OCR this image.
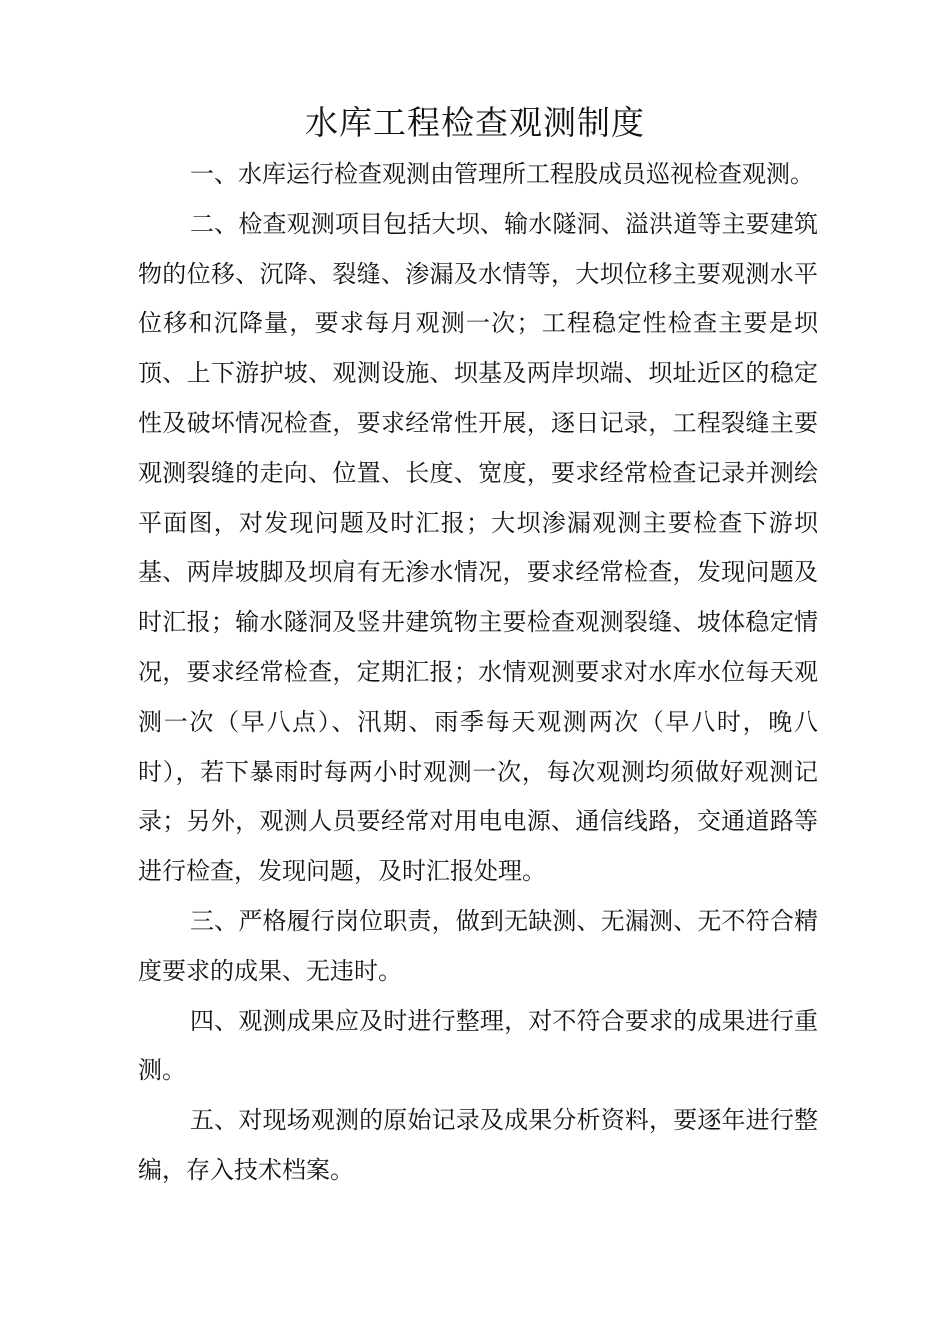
水库工程检查观测制度

一、水库运行检查观测由管理所工程股成员巡视检查观测。

二、检查观测项目包括大坝、输水隧洞、溢洪道等主要建筑物的位移、沉降、裂缝、渗漏及水情等，大坝位移主要观测水平位移和沉降量，要求每月观测一次；工程稳定性检查主要是坝顶、上下游护坡、观测设施、坝基及两岸坝端、坝址近区的稳定性及破坏情况检查，要求经常性开展，逐日记录，工程裂缝主要观测裂缝的走向、位置、长度、宽度，要求经常检查记录并测绘平面图，对发现问题及时汇报；大坝渗漏观测主要检查下游坝基、两岸坡脚及坝肩有无渗水情况，要求经常检查，发现问题及时汇报；输水隧洞及竖井建筑物主要检查观测裂缝、坡体稳定情况，要求经常检查，定期汇报；水情观测要求对水库水位每天观测一次（早八点）、汛期、雨季每天观测两次（早八时，晚八时），若下暴雨时每两小时观测一次，每次观测均须做好观测记录；另外，观测人员要经常对用电电源、通信线路，交通道路等进行检查，发现问题，及时汇报处理。

三、严格履行岗位职责，做到无缺测、无漏测、无不符合精度要求的成果、无违时。

四、观测成果应及时进行整理，对不符合要求的成果进行重测。

五、对现场观测的原始记录及成果分析资料，要逐年进行整编，存入技术档案。
